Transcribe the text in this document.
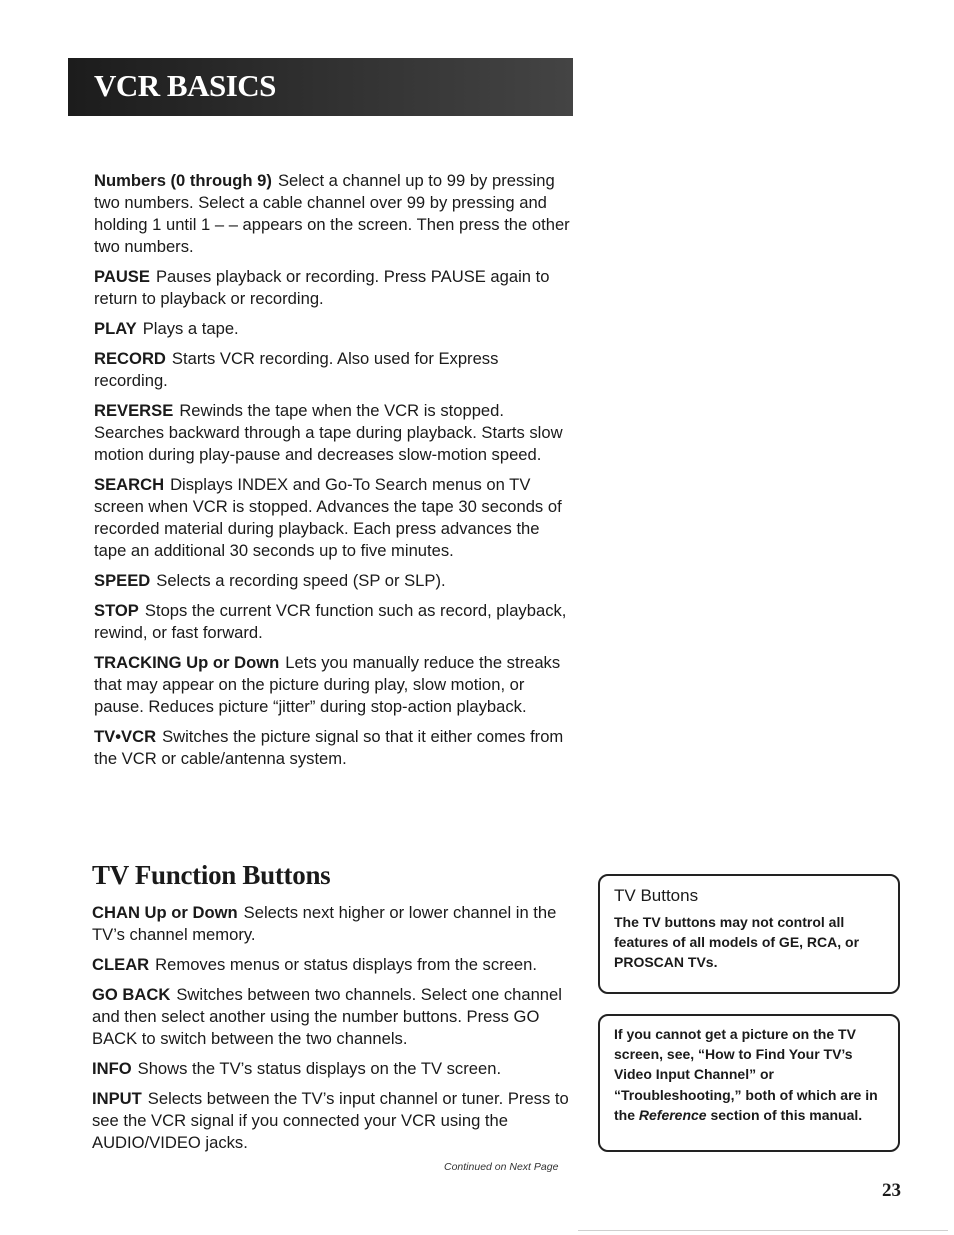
VCR BASICS

Numbers (0 through 9) Select a channel up to 99 by pressing two numbers. Select a cable channel over 99 by pressing and holding 1 until 1 – – appears on the screen. Then press the other two numbers.

PAUSE Pauses playback or recording. Press PAUSE again to return to playback or recording.

PLAY Plays a tape.

RECORD Starts VCR recording. Also used for Express recording.

REVERSE Rewinds the tape when the VCR is stopped. Searches backward through a tape during playback. Starts slow motion during play-pause and decreases slow-motion speed.

SEARCH Displays INDEX and Go-To Search menus on TV screen when VCR is stopped. Advances the tape 30 seconds of recorded material during playback. Each press advances the tape an additional 30 seconds up to five minutes.

SPEED Selects a recording speed (SP or SLP).

STOP Stops the current VCR function such as record, playback, rewind, or fast forward.

TRACKING Up or Down Lets you manually reduce the streaks that may appear on the picture during play, slow motion, or pause. Reduces picture “jitter” during stop-action playback.

TV•VCR Switches the picture signal so that it either comes from the VCR or cable/antenna system.

TV Function Buttons

CHAN Up or Down Selects next higher or lower channel in the TV’s channel memory.

CLEAR Removes menus or status displays from the screen.

GO BACK Switches between two channels. Select one channel and then select another using the number buttons. Press GO BACK to switch between the two channels.

INFO Shows the TV’s status displays on the TV screen.

INPUT Selects between the TV’s input channel or tuner. Press to see the VCR signal if you connected your VCR using the AUDIO/VIDEO jacks.

Continued on Next Page
TV Buttons
The TV buttons may not control all features of all models of GE, RCA, or PROSCAN TVs.
If you cannot get a picture on the TV screen, see, “How to Find Your TV’s Video Input Channel” or “Troubleshooting,” both of which are in the Reference section of this manual.
23
